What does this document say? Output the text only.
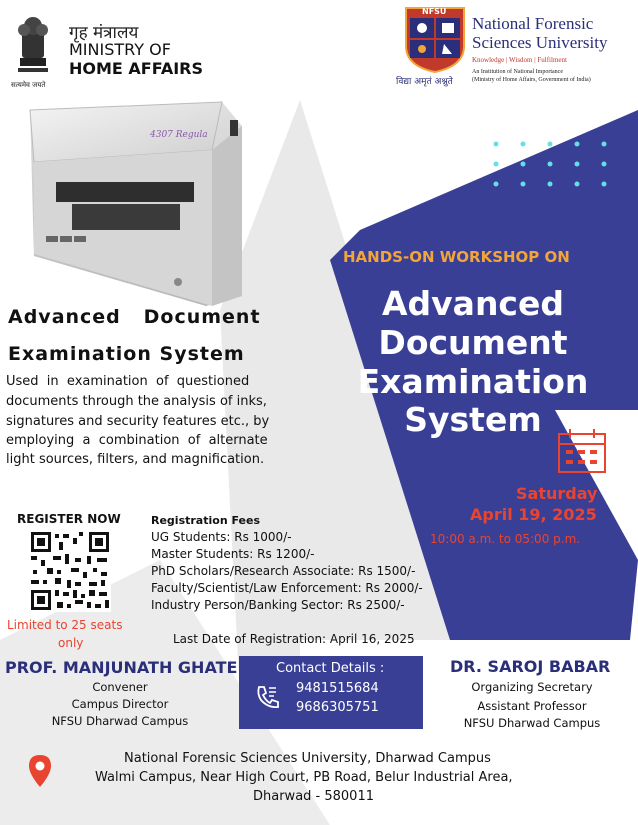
गृह मंत्रालय
MINISTRY OF
HOME AFFAIRS
सत्यमेव जयते
NFSU
विद्या अमृतं अश्नुते
National Forensic
Sciences University
Knowledge | Wisdom | Fulfilment
An Institution of National Importance
(Ministry of Home Affairs, Government of India)
4307 Regula
Advanced   Document
Examination System
Used  in  examination  of  questioned
documents through the analysis of inks,
signatures and security features etc., by
employing  a  combination  of  alternate
light sources, filters, and magnification.
HANDS-ON WORKSHOP ON
Advanced
Document
Examination
System
Saturday
April 19, 2025
10:00 a.m. to 05:00 p.m.
REGISTER NOW
Limited to 25 seats
only
Registration Fees
UG Students: Rs 1000/-
Master Students: Rs 1200/-
PhD Scholars/Research Associate: Rs 1500/-
Faculty/Scientist/Law Enforcement: Rs 2000/-
Industry Person/Banking Sector: Rs 2500/-
Last Date of Registration: April 16, 2025
PROF. MANJUNATH GHATE
Convener
Campus Director
NFSU Dharwad Campus
Contact Details :
9481515684
9686305751
DR. SAROJ BABAR
Organizing Secretary
Assistant Professor
NFSU Dharwad Campus
National Forensic Sciences University, Dharwad Campus
Walmi Campus, Near High Court, PB Road, Belur Industrial Area,
Dharwad - 580011
